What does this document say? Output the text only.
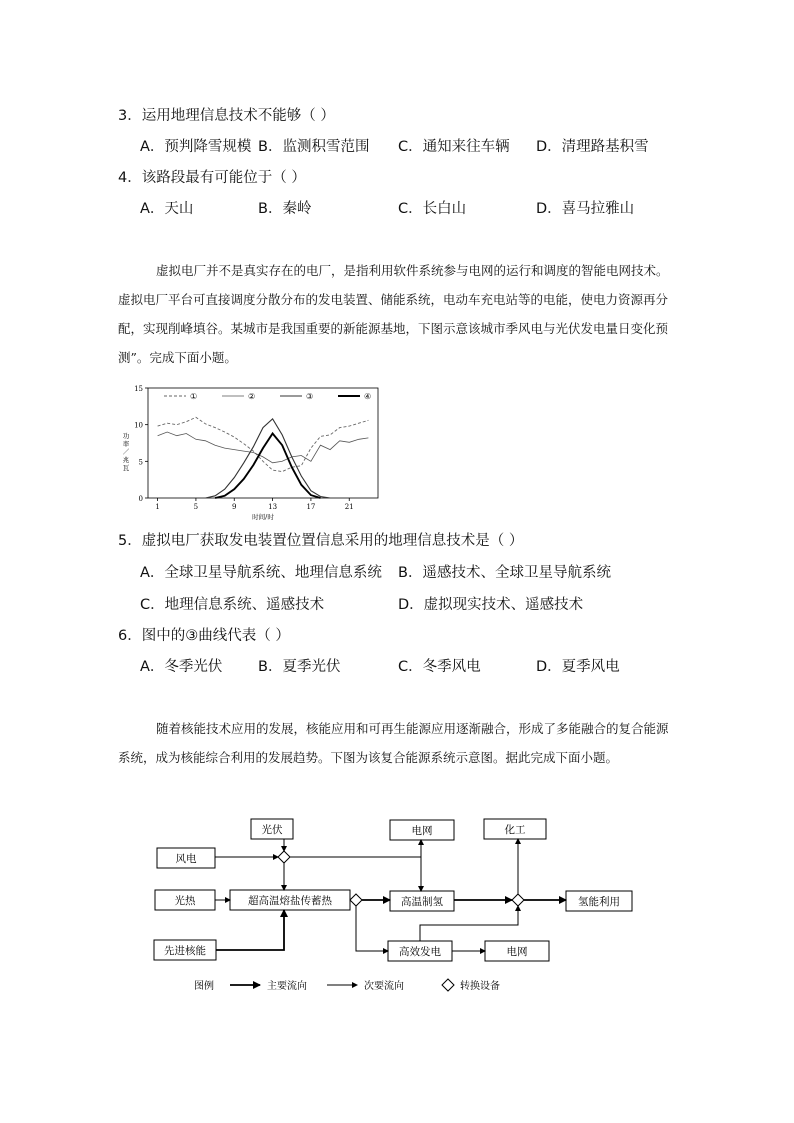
3．运用地理信息技术不能够（ ）
A．预判降雪规模 B．监测积雪范围 C．通知来往车辆 D．清理路基积雪
4．该路段最有可能位于（ ）
A．天山	B．秦岭	C．长白山	D．喜马拉雅山
虚拟电厂并不是真实存在的电厂，是指利用软件系统参与电网的运行和调度的智能电网技术。虚拟电厂平台可直接调度分散分布的发电装置、储能系统，电动车充电站等的电能，使电力资源再分配，实现削峰填谷。某城市是我国重要的新能源基地，下图示意该城市季风电与光伏发电量日变化预测”。完成下面小题。
0
5
10
15
1	5	9	13	17	21
时间/时
功率／兆瓦
①	②	③	④
5．虚拟电厂获取发电装置位置信息采用的地理信息技术是（ ）
A．全球卫星导航系统、地理信息系统 B．遥感技术、全球卫星导航系统
C．地理信息系统、遥感技术	D．虚拟现实技术、遥感技术
6．图中的③曲线代表（ ）
A．冬季光伏 B．夏季光伏	C．冬季风电	D．夏季风电
随着核能技术应用的发展，核能应用和可再生能源应用逐渐融合，形成了多能融合的复合能源系统，成为核能综合利用的发展趋势。下图为该复合能源系统示意图。据此完成下面小题。
光伏
风电
光热
先进核能
超高温熔盐传蓄热
电网
高温制氢
高效发电	电网
化工
氢能利用
图例	主要流向	次要流向	转换设备
